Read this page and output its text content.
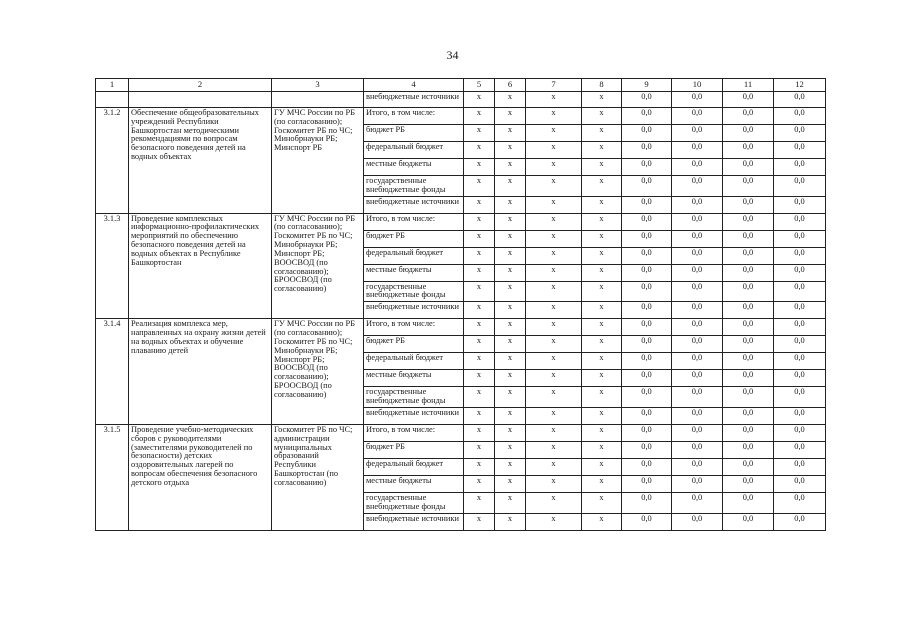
34
1	2	3	4	5	6	7	8	9	10	11	12
			внебюджетные источники	x	x	x	x	0,0	0,0	0,0	0,0
3.1.2	Обеспечение общеобразовательных учреждений Республики Башкортостан методическими рекомендациями по вопросам безопасного поведения детей на водных объектах	ГУ МЧС России по РБ (по согласованию); Госкомитет РБ по ЧС; Минобрнауки РБ; Минспорт РБ	Итого, в том числе:	x	x	x	x	0,0	0,0	0,0	0,0
			бюджет РБ	x	x	x	x	0,0	0,0	0,0	0,0
			федеральный бюджет	x	x	x	x	0,0	0,0	0,0	0,0
			местные бюджеты	x	x	x	x	0,0	0,0	0,0	0,0
			государственные внебюджетные фонды	x	x	x	x	0,0	0,0	0,0	0,0
			внебюджетные источники	x	x	x	x	0,0	0,0	0,0	0,0
3.1.3	Проведение комплексных информационно-профилактических мероприятий по обеспечению безопасного поведения детей на водных объектах в Республике Башкортостан	ГУ МЧС России по РБ (по согласованию); Госкомитет РБ по ЧС; Минобрнауки РБ; Минспорт РБ; ВООСВОД (по согласованию); БРООСВОД (по согласованию)	Итого, в том числе:	x	x	x	x	0,0	0,0	0,0	0,0
			бюджет РБ	x	x	x	x	0,0	0,0	0,0	0,0
			федеральный бюджет	x	x	x	x	0,0	0,0	0,0	0,0
			местные бюджеты	x	x	x	x	0,0	0,0	0,0	0,0
			государственные внебюджетные фонды	x	x	x	x	0,0	0,0	0,0	0,0
			внебюджетные источники	x	x	x	x	0,0	0,0	0,0	0,0
3.1.4	Реализация комплекса мер, направленных на охрану жизни детей на водных объектах и обучение плаванию детей	ГУ МЧС России по РБ (по согласованию); Госкомитет РБ по ЧС; Минобрнауки РБ; Минспорт РБ; ВООСВОД (по согласованию); БРООСВОД (по согласованию)	Итого, в том числе:	x	x	x	x	0,0	0,0	0,0	0,0
			бюджет РБ	x	x	x	x	0,0	0,0	0,0	0,0
			федеральный бюджет	x	x	x	x	0,0	0,0	0,0	0,0
			местные бюджеты	x	x	x	x	0,0	0,0	0,0	0,0
			государственные внебюджетные фонды	x	x	x	x	0,0	0,0	0,0	0,0
			внебюджетные источники	x	x	x	x	0,0	0,0	0,0	0,0
3.1.5	Проведение учебно-методических сборов с руководителями (заместителями руководителей по безопасности) детских оздоровительных лагерей по вопросам обеспечения безопасного детского отдыха	Госкомитет РБ по ЧС; администрации муниципальных образований Республики Башкортостан (по согласованию)	Итого, в том числе:	x	x	x	x	0,0	0,0	0,0	0,0
			бюджет РБ	x	x	x	x	0,0	0,0	0,0	0,0
			федеральный бюджет	x	x	x	x	0,0	0,0	0,0	0,0
			местные бюджеты	x	x	x	x	0,0	0,0	0,0	0,0
			государственные внебюджетные фонды	x	x	x	x	0,0	0,0	0,0	0,0
			внебюджетные источники	x	x	x	x	0,0	0,0	0,0	0,0
